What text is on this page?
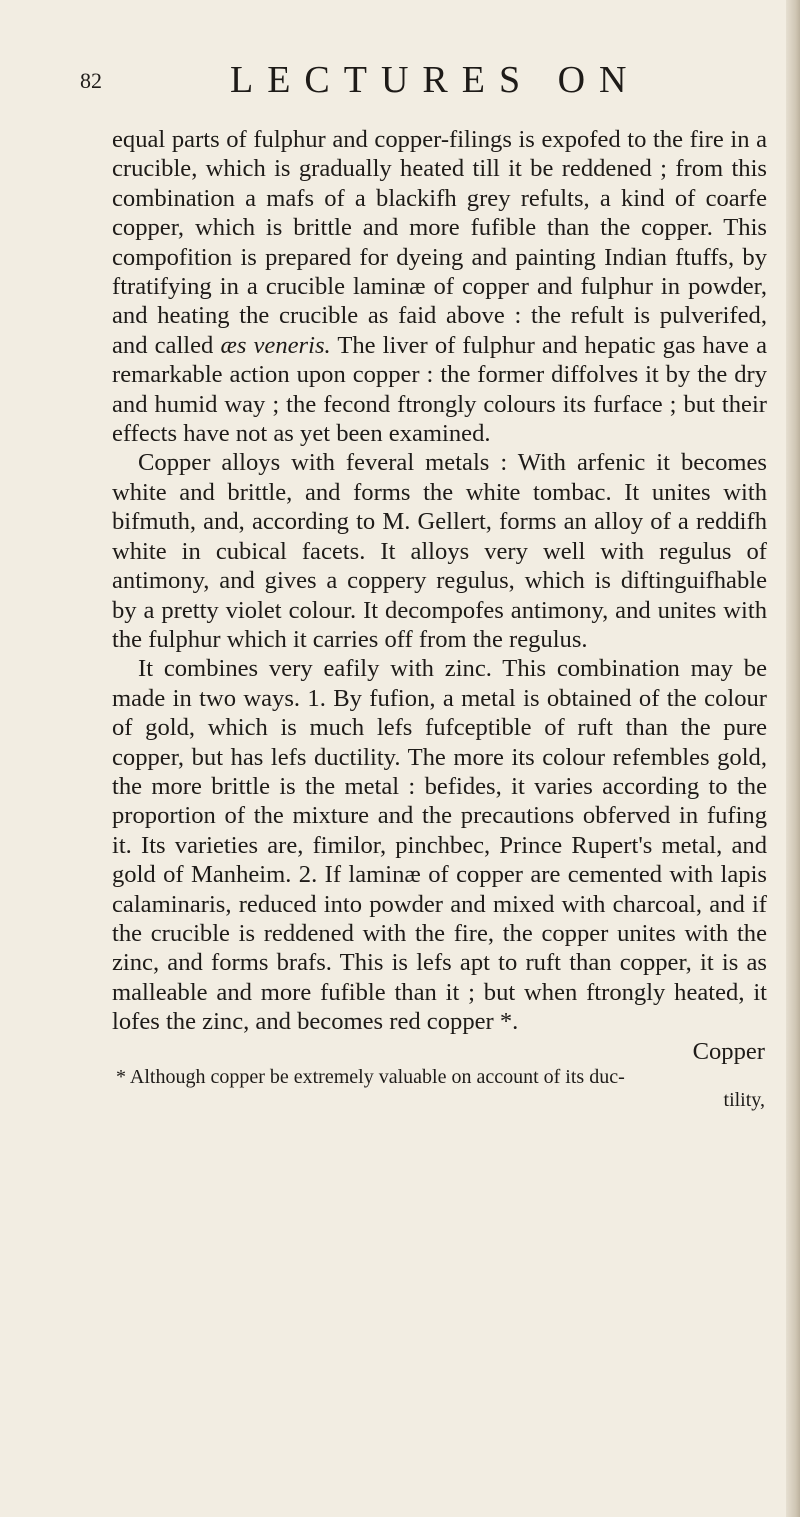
82	LECTURES ON

equal parts of fulphur and copper-filings is expofed to the fire in a crucible, which is gradually heated till it be reddened ; from this combination a mafs of a blackifh grey refults, a kind of coarfe copper, which is brittle and more fufible than the copper. This compofition is prepared for dyeing and painting Indian ftuffs, by ftratifying in a crucible laminæ of copper and fulphur in powder, and heating the crucible as faid above : the refult is pulverifed, and called æs veneris. The liver of fulphur and hepatic gas have a remarkable action upon copper : the former diffolves it by the dry and humid way ; the fecond ftrongly colours its furface ; but their effects have not as yet been examined.

Copper alloys with feveral metals : With arfenic it becomes white and brittle, and forms the white tombac. It unites with bifmuth, and, according to M. Gellert, forms an alloy of a reddifh white in cubical facets. It alloys very well with regulus of antimony, and gives a coppery regulus, which is diftinguifhable by a pretty violet colour. It decompofes antimony, and unites with the fulphur which it carries off from the regulus.

It combines very eafily with zinc. This combination may be made in two ways. 1. By fufion, a metal is obtained of the colour of gold, which is much lefs fufceptible of ruft than the pure copper, but has lefs ductility. The more its colour refembles gold, the more brittle is the metal : befides, it varies according to the proportion of the mixture and the precautions obferved in fufing it. Its varieties are, fimilor, pinchbec, Prince Rupert's metal, and gold of Manheim. 2. If laminæ of copper are cemented with lapis calaminaris, reduced into powder and mixed with charcoal, and if the crucible is reddened with the fire, the copper unites with the zinc, and forms brafs. This is lefs apt to ruft than copper, it is as malleable and more fufible than it ; but when ftrongly heated, it lofes the zinc, and becomes red copper *.

Copper

* Although copper be extremely valuable on account of its duc-

tility,
